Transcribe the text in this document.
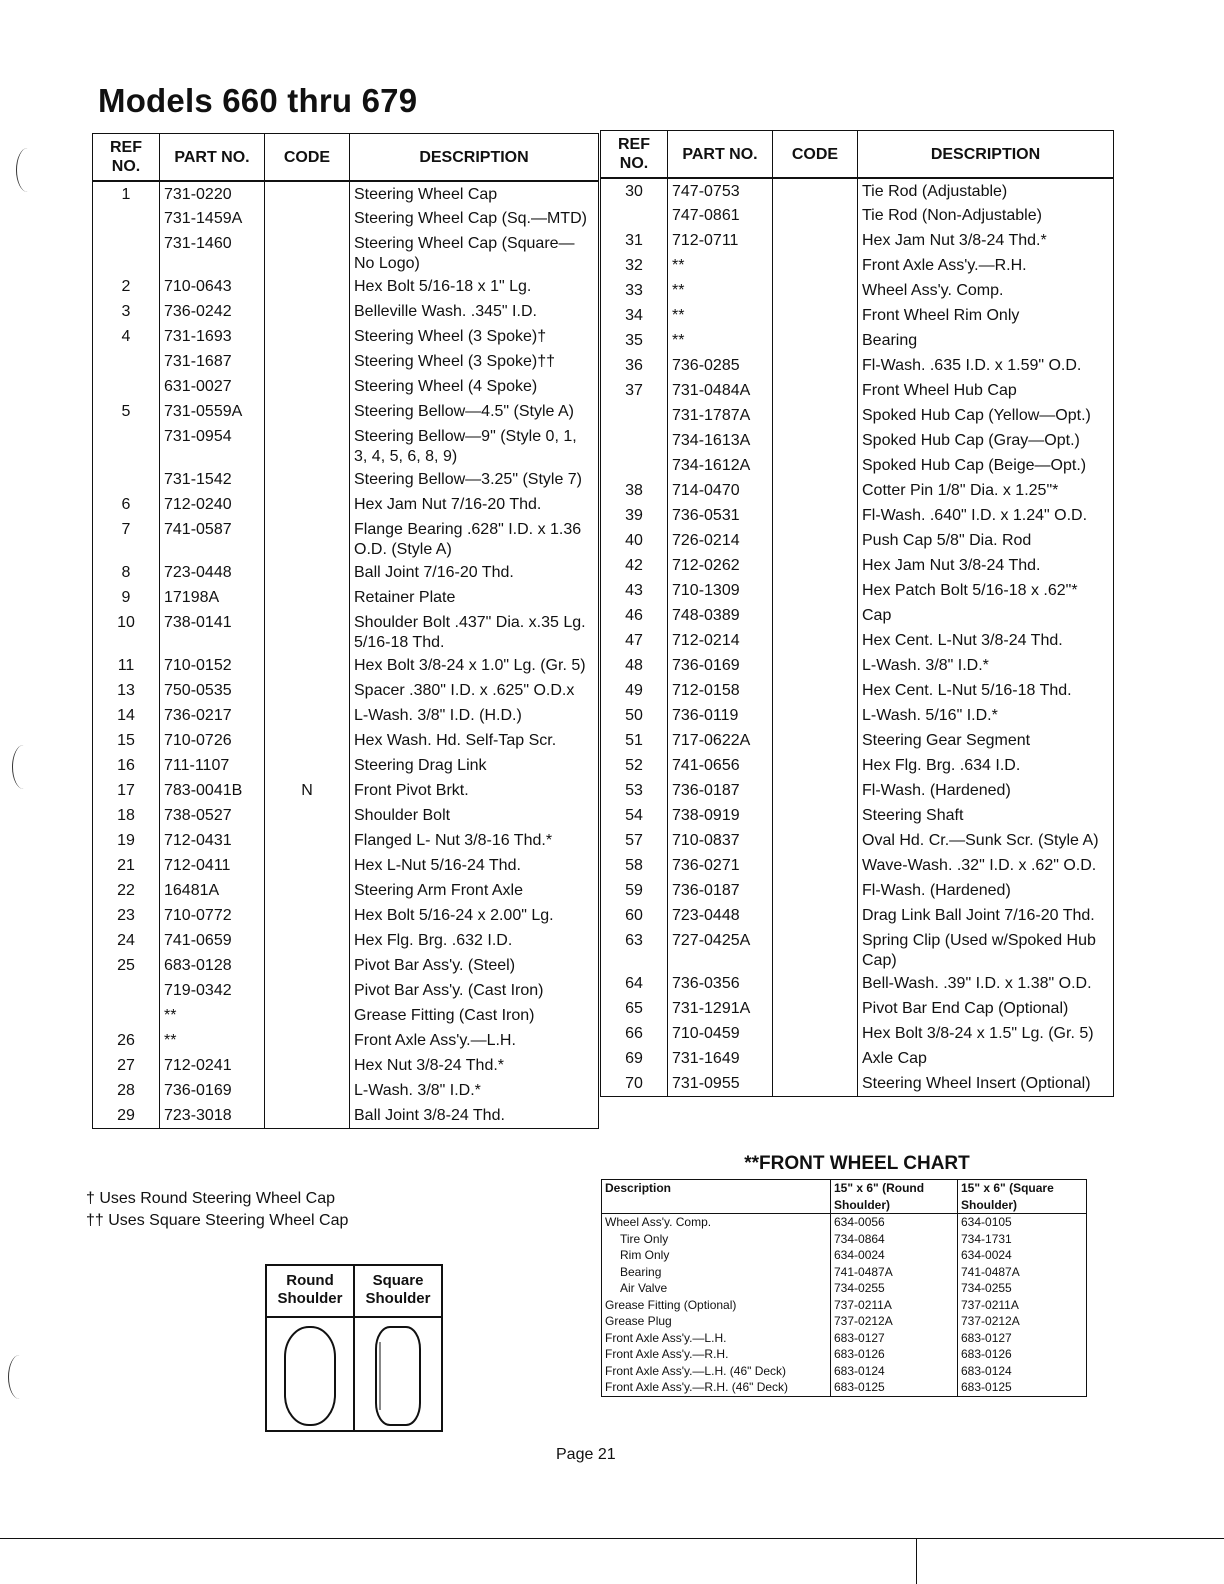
Models 660 thru 679
REF NO.	PART NO.	CODE	DESCRIPTION
1	731-0220		Steering Wheel Cap
	731-1459A		Steering Wheel Cap (Sq.—MTD)
	731-1460		Steering Wheel Cap (Square— No Logo)
2	710-0643		Hex Bolt 5/16-18 x 1" Lg.
3	736-0242		Belleville Wash. .345" I.D.
4	731-1693		Steering Wheel (3 Spoke)†
	731-1687		Steering Wheel (3 Spoke)††
	631-0027		Steering Wheel (4 Spoke)
5	731-0559A		Steering Bellow—4.5" (Style A)
	731-0954		Steering Bellow—9" (Style 0, 1, 3, 4, 5, 6, 8, 9)
	731-1542		Steering Bellow—3.25" (Style 7)
6	712-0240		Hex Jam Nut 7/16-20 Thd.
7	741-0587		Flange Bearing .628" I.D. x 1.36 O.D. (Style A)
8	723-0448		Ball Joint 7/16-20 Thd.
9	17198A		Retainer Plate
10	738-0141		Shoulder Bolt .437" Dia. x.35 Lg. 5/16-18 Thd.
11	710-0152		Hex Bolt 3/8-24 x 1.0" Lg. (Gr. 5)
13	750-0535		Spacer .380" I.D. x .625" O.D.x
14	736-0217		L-Wash. 3/8" I.D. (H.D.)
15	710-0726		Hex Wash. Hd. Self-Tap Scr.
16	711-1107		Steering Drag Link
17	783-0041B	N	Front Pivot Brkt.
18	738-0527		Shoulder Bolt
19	712-0431		Flanged L- Nut 3/8-16 Thd.*
21	712-0411		Hex L-Nut 5/16-24 Thd.
22	16481A		Steering Arm Front Axle
23	710-0772		Hex Bolt 5/16-24 x 2.00" Lg.
24	741-0659		Hex Flg. Brg. .632 I.D.
25	683-0128		Pivot Bar Ass'y. (Steel)
	719-0342		Pivot Bar Ass'y. (Cast Iron)
	**		Grease Fitting (Cast Iron)
26	**		Front Axle Ass'y.—L.H.
27	712-0241		Hex Nut 3/8-24 Thd.*
28	736-0169		L-Wash. 3/8" I.D.*
29	723-3018		Ball Joint 3/8-24 Thd.
REF NO.	PART NO.	CODE	DESCRIPTION
30	747-0753		Tie Rod (Adjustable)
	747-0861		Tie Rod (Non-Adjustable)
31	712-0711		Hex Jam Nut 3/8-24 Thd.*
32	**		Front Axle Ass'y.—R.H.
33	**		Wheel Ass'y. Comp.
34	**		Front Wheel Rim Only
35	**		Bearing
36	736-0285		Fl-Wash. .635 I.D. x 1.59" O.D.
37	731-0484A		Front Wheel Hub Cap
	731-1787A		Spoked Hub Cap (Yellow—Opt.)
	734-1613A		Spoked Hub Cap (Gray—Opt.)
	734-1612A		Spoked Hub Cap (Beige—Opt.)
38	714-0470		Cotter Pin 1/8" Dia. x 1.25"*
39	736-0531		Fl-Wash. .640" I.D. x 1.24" O.D.
40	726-0214		Push Cap 5/8" Dia. Rod
42	712-0262		Hex Jam Nut 3/8-24 Thd.
43	710-1309		Hex Patch Bolt 5/16-18 x .62"*
46	748-0389		Cap
47	712-0214		Hex Cent. L-Nut 3/8-24 Thd.
48	736-0169		L-Wash. 3/8" I.D.*
49	712-0158		Hex Cent. L-Nut 5/16-18 Thd.
50	736-0119		L-Wash. 5/16" I.D.*
51	717-0622A		Steering Gear Segment
52	741-0656		Hex Flg. Brg. .634 I.D.
53	736-0187		Fl-Wash. (Hardened)
54	738-0919		Steering Shaft
57	710-0837		Oval Hd. Cr.—Sunk Scr. (Style A)
58	736-0271		Wave-Wash. .32" I.D. x .62" O.D.
59	736-0187		Fl-Wash. (Hardened)
60	723-0448		Drag Link Ball Joint 7/16-20 Thd.
63	727-0425A		Spring Clip (Used w/Spoked Hub Cap)
64	736-0356		Bell-Wash. .39" I.D. x 1.38" O.D.
65	731-1291A		Pivot Bar End Cap (Optional)
66	710-0459		Hex Bolt 3/8-24 x 1.5" Lg. (Gr. 5)
69	731-1649		Axle Cap
70	731-0955		Steering Wheel Insert (Optional)
† Uses Round Steering Wheel Cap
†† Uses Square Steering Wheel Cap
Round Shoulder
Square Shoulder
**FRONT WHEEL CHART
Description	15" x 6" (Round Shoulder)	15" x 6" (Square Shoulder)
Wheel Ass'y. Comp.	634-0056	634-0105
Tire Only	734-0864	734-1731
Rim Only	634-0024	634-0024
Bearing	741-0487A	741-0487A
Air Valve	734-0255	734-0255
Grease Fitting (Optional)	737-0211A	737-0211A
Grease Plug	737-0212A	737-0212A
Front Axle Ass'y.—L.H.	683-0127	683-0127
Front Axle Ass'y.—R.H.	683-0126	683-0126
Front Axle Ass'y.—L.H. (46" Deck)	683-0124	683-0124
Front Axle Ass'y.—R.H. (46" Deck)	683-0125	683-0125
Page 21
